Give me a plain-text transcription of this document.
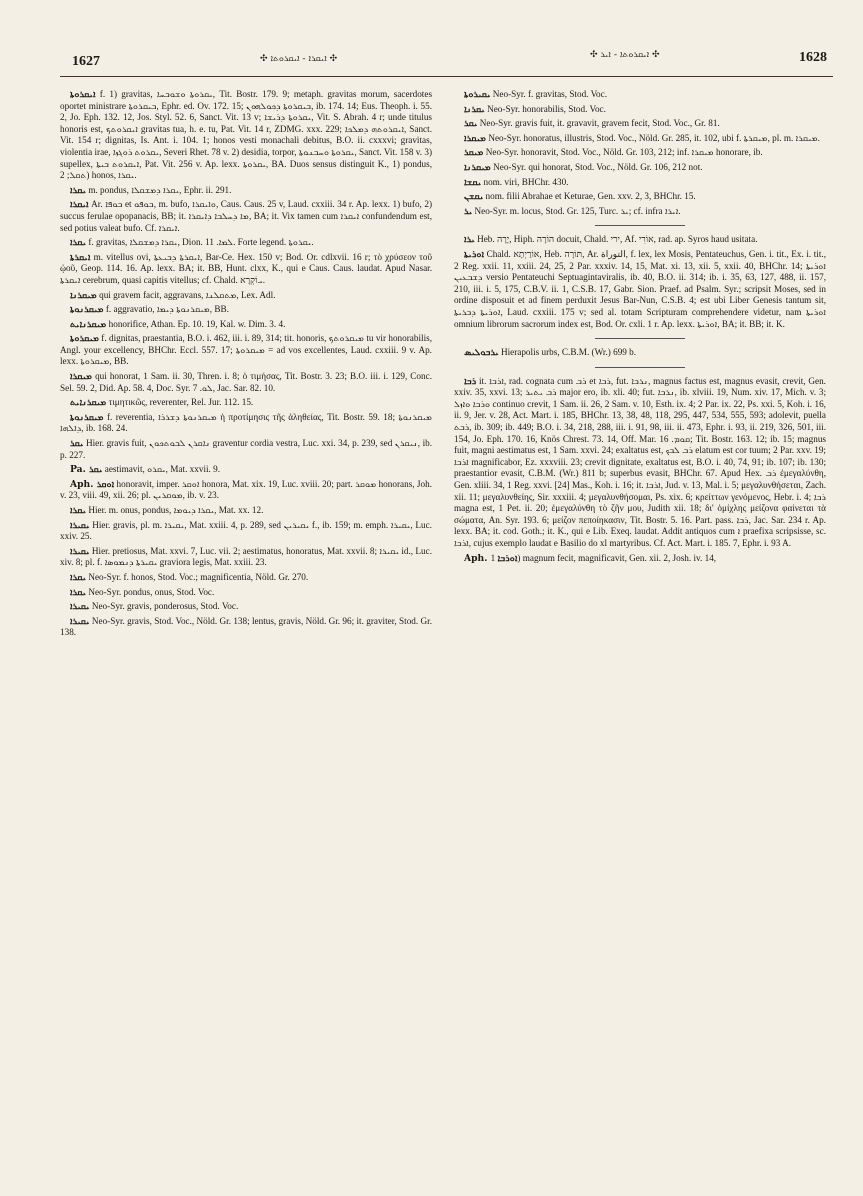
1627	✣ ܐܝܩܪܐ - ܐܝܩܪܘܬܐ ✣	✣ ܐܝܩܪܘܬܐ - ܐܝܪ ✣	1628

ܐܝܩܪܘܬܐ f. 1) gravitas, ܝܩܪܘܬܐ ܘܫܘܒܚܐ, Tit. Bostr. 179. 9; metaph. gravitas morum, sacerdotes oportet ministrare ܒܝܩܪܘܬܐ, Ephr. ed. Ov. 172. 15; ܒܝܩܪܘܬܐ ܕܟܘܠܗܘܢ, ib. 174. 14; Eus. Theoph. i. 55. 2, Jo. Eph. 132. 12, Jos. Styl. 52. 6, Sanct. Vit. 13 v; ܝܩܪܘܬܐ ܕܪܝܫܐ, Vit. S. Abrah. 4 r; unde titulus honoris est, ܐܝܩܪܘܬܟ gravitas tua, h. e. tu, Pat. Vit. 14 r, ZDMG. xxx. 229; ܐܝܩܪܘܬܗ ܕܡܠܟܐ, Sanct. Vit. 154 r; dignitas, Is. Ant. i. 104. 1; honos vesti monachali debitus, B.O. ii. cxxxvi; gravitas, violentia irae, ܝܩܪܘܬ ܪܘܓܙܐ, Severi Rhet. 78 v. 2) desidia, torpor, ܝܩܪܘܬܐ ܘܚܒܢܘܬܐ, Sanct. Vit. 158 v. 3) supellex, ܐܝܩܪܘܬ ܒܝܬܐ, Pat. Vit. 256 v. Ap. lexx. ܝܩܪܘܬܐ, BA. Duos sensus distinguit K., 1) pondus, ܬܩܠ; 2) honos, ܝܩܪܐ.

ܝܩܪܐ m. pondus, ܝܩܪܐ ܕܡܫܩܠܐ, Ephr. ii. 291.

ܐܝܩܪܐ Ar. ܒܘܦܐ et ܒܘܦܘ, m. bufo, ܘܐܝܩܪܐ, Caus. Caus. 25 v, Laud. cxxiii. 34 r. Ap. lexx. 1) bufo, 2) succus ferulae opopanacis, BB; it. ܡܐ ܕܚܠܒܐ ܕܐܝܩܪܐ, BA; it. Vix tamen cum ܐܝܩܪܐ confundendum est, sed potius valeat bufo. Cf. ܐܝܩܪܐ.

ܝܩܪܐ f. gravitas, ܝܩܪܐ ܕܡܫܩܠܐ, Dion. ܠܡܐ. 11. Forte legend. ܝܩܪܘܬܐ.

ܐܝܩܪܬܐ m. vitellus ovi, ܐܝܩܪܬܐ ܕܒܝܥܬܐ, Bar-Ce. Hex. 150 v; Bod. Or. cdlxvii. 16 r; τὸ χρύσεον τοῦ ᾠοῦ, Geop. 114. 16. Ap. lexx. BA; it. BB, Hunt. clxx, K., qui e Caus. Caus. laudat. Apud Nasar. ܐܝܩܪܬܐ cerebrum, quasi capitis vitellus; cf. Chald. ܝוֹקְרָא.

ܡܝܩܪܢܐ qui gravem facit, aggravans, ܡܬܩܠܢܐ, Lex. Adl.

ܡܝܩܪܢܘܬܐ f. aggravatio, ܡܝܩܪܢܘܬܐ ܕܝܡܐ, BB.

ܡܝܩܪܢܐܝܬ honorifice, Athan. Ep. 10. 19, Kal. w. Dim. 3. 4.

ܡܝܩܪܘܬܐ f. dignitas, praestantia, B.O. i. 462, iii. i. 89, 314; tit. honoris, ܡܝܩܪܘܬܟ tu vir honorabilis, Angl. your excellency, BHChr. Eccl. 557. 17; ܡܝܩܪܘܬܐ = ad vos excellentes, Laud. cxxiii. 9 v. Ap. lexx. ܡܝܩܪܘܬܐ, BB.

ܡܝܩܪܐ qui honorat, 1 Sam. ii. 30, Thren. i. 8; ὁ τιμήσας, Tit. Bostr. 3. 23; B.O. iii. i. 129, Conc. Sel. 59. 2, Did. Ap. 58. 4, Doc. Syr. ܠܘ. 7, Jac. Sar. 82. 10.

ܡܝܩܪܢܐܝܬ τιμητικῶς, reverenter, Rel. Jur. 112. 15.

ܡܝܩܪܢܘܬܐ f. reverentia, ܡܝܩܪܢܘܬܐ ܕܫܪܪܐ ἡ προτίμησις τῆς ἀληθείας, Tit. Bostr. 59. 18; ܡܝܩܪܢܘܬܐ ܕܐܠܗܐ, ib. 168. 24.

ܝܩܪ Hier. gravis fuit, ܢܐܩܪܢ ܠܒܘܬܟܘܢ graventur cordia vestra, Luc. xxi. 34, p. 239, sed ܢܝܩܪܢ, ib. p. 227.

Pa. ܝܩܪ aestimavit, ܝܩܪܘ, Mat. xxvii. 9.

Aph. ܐܘܩܪ honoravit, imper. ܐܘܩܪ honora, Mat. xix. 19, Luc. xviii. 20; part. ܡܘܩܪ honorans, Joh. v. 23, viii. 49, xii. 26; pl. ܡܘܩܪܝܢ, ib. v. 23.

ܝܩܪܐ Hier. m. onus, pondus, ܝܩܪܐ ܕܝܘܡܐ, Mat. xx. 12.

ܝܩܝܪܐ Hier. gravis, pl. m. ܝܩܝܪܐ, Mat. xxiii. 4, p. 289, sed ܝܩܝܪܝܢ f., ib. 159; m. emph. ܝܩܝܪܐ, Luc. xxiv. 25.

ܝܩܝܪܐ Hier. pretiosus, Mat. xxvi. 7, Luc. vii. 2; aestimatus, honoratus, Mat. xxvii. 8; ܝܩܝܪܐ id., Luc. xiv. 8; pl. f. ܝܩܝܪܬܐ ܕܢܡܘܣܐ graviora legis, Mat. xxiii. 23.

ܝܩܪܐ Neo-Syr. f. honos, Stod. Voc.; magnificentia, Nöld. Gr. 270.

ܝܩܪܐ Neo-Syr. pondus, onus, Stod. Voc.

ܝܩܝܪܐ Neo-Syr. gravis, ponderosus, Stod. Voc.

ܝܩܝܪܐ Neo-Syr. gravis, Stod. Voc., Nöld. Gr. 138; lentus, gravis, Nöld. Gr. 96; it. graviter, Stod. Gr. 138.

ܝܩܝܪܘܬܐ Neo-Syr. f. gravitas, Stod. Voc.

ܝܩܪܢܐ Neo-Syr. honorabilis, Stod. Voc.

ܝܩܪ Neo-Syr. gravis fuit, it. gravavit, gravem fecit, Stod. Voc., Gr. 81.

ܡܝܩܪܐ Neo-Syr. honoratus, illustris, Stod. Voc., Nöld. Gr. 285, it. 102, ubi f. ܡܝܩܪܬܐ, pl. m. ܡܝܩܪܐ.

ܡܝܩܪ Neo-Syr. honoravit, Stod. Voc., Nöld. Gr. 103, 212; inf. ܡܝܩܪܐ honorare, ib.

ܡܝܩܪܢܐ Neo-Syr. qui honorat, Stod. Voc., Nöld. Gr. 106, 212 not.

ܝܩܫܐ nom. viri, BHChr. 430.

ܝܩܫܢ nom. filii Abrahae et Keturae, Gen. xxv. 2, 3, BHChr. 15.

ܝܪ Neo-Syr. m. locus, Stod. Gr. 125, Turc. ܝܪ; cf. infra ܐܝܪܐ.

ܝܪܐ Heb. יָרָה, Hiph. הוֹרָה docuit, Chald. ירי, Af. אוֹרִי, rad. ap. Syros haud usitata.

ܐܘܪܝܬܐ Chald. אוֹרַיְתָא, Heb. תּוֹרָה, Ar. التوراة, f. lex, lex Mosis, Pentateuchus, Gen. i. tit., Ex. i. tit., 2 Reg. xxii. 11, xxiii. 24, 25, 2 Par. xxxiv. 14, 15, Mat. xi. 13, xii. 5, xxii. 40, BHChr. 14; ܐܘܪܝܬܐ ܕܫܒܥܝܢ versio Pentateuchi Septuagintaviralis, ib. 40, B.O. ii. 314; ib. i. 35, 63, 127, 488, ii. 157, 210, iii. i. 5, 175, C.B.V. ii. 1, C.S.B. 17, Gabr. Sion. Praef. ad Psalm. Syr.; scripsit Moses, sed in ordine disposuit et ad finem perduxit Jesus Bar-Nun, C.S.B. 4; est ubi Liber Genesis tantum sit, ܐܘܪܝܬܐ ܕܒܪܝܬܐ, Laud. cxxiii. 175 v; sed al. totam Scripturam comprehendere videtur, nam ܐܘܪܝܬܐ omnium librorum sacrorum index est, Bod. Or. cxli. 1 r. Ap. lexx. ܐܘܪܝܬܐ, BA; it. BB; it. K.

ܝܪܒܘܠܝܣ Hierapolis urbs, C.B.M. (Wr.) 699 b.

ܪܒܐ it. ܐܪܒܐ, rad. cognata cum ܪܒ et ܪܒܐ, fut. ܢܪܒܐ, magnus factus est, magnus evasit, crevit, Gen. xxiv. 35, xxvi. 13; ܪܒ ܝܬܝܪ major ero, ib. xli. 40; fut. ܢܪܒܐ, ib. xlviii. 19, Num. xiv. 17, Mich. v. 3; ܘܪܒܐ ܘܐܙܠ continuo crevit, 1 Sam. ii. 26, 2 Sam. v. 10, Esth. ix. 4; 2 Par. ix. 22, Ps. xxi. 5, Koh. i. 16, ii. 9, Jer. v. 28, Act. Mart. i. 185, BHChr. 13, 38, 48, 118, 295, 447, 534, 555, 593; adolevit, puella ܪܒܬ, ib. 309; ib. 449; B.O. i. 34, 218, 288, iii. i. 91, 98, iii. ii. 473, Ephr. i. 93, ii. 219, 326, 501, iii. 154, Jo. Eph. 170. 16, Knös Chrest. 73. 14, Off. Mar. ܩܘܡ. 16; Tit. Bostr. 163. 12; ib. 15; magnus fuit, magni aestimatus est, 1 Sam. xxvi. 24; exaltatus est, ܪܒ ܠܒܟ elatum est cor tuum; 2 Par. xxv. 19; ܐܪܒܐ magnificabor, Ez. xxxviii. 23; crevit dignitate, exaltatus est, B.O. i. 40, 74, 91; ib. 107; ib. 130; praestantior evasit, C.B.M. (Wr.) 811 b; superbus evasit, BHChr. 67. Apud Hex. ܪܒ ἐμεγαλύνθη, Gen. xliii. 34, 1 Reg. xxvi. [24] Mas., Koh. i. 16; it. ܐܪܒܐ, Jud. v. 13, Mal. i. 5; μεγαλυνθήσεται, Zach. xii. 11; μεγαλυνθείης, Sir. xxxiii. 4; μεγαλυνθήσομαι, Ps. xix. 6; κρείττων γενόμενος, Hebr. i. 4; ܪܒܐ magna est, 1 Pet. ii. 20; ἐμεγαλύνθη τὸ ζῆν μου, Judith xii. 18; δι' ὁμίχλης μείζονα φαίνεται τὰ σώματα, An. Syr. 193. 6; μείζον πεποίηκασιν, Tit. Bostr. 5. 16. Part. pass. ܪܒܐ, Jac. Sar. 234 r. Ap. lexx. BA; it. cod. Goth.; it. K., qui e Lib. Exeq. laudat. Addit antiquos cum ܐ praefixa scripsisse, sc. ܐܪܒܐ, cujus exemplo laudat e Basilio do xl martyribus. Cf. Act. Mart. i. 185. 7, Ephr. i. 93 A.

Aph. ܐܘܪܒܐ 1) magnum fecit, magnificavit, Gen. xii. 2, Josh. iv. 14,
